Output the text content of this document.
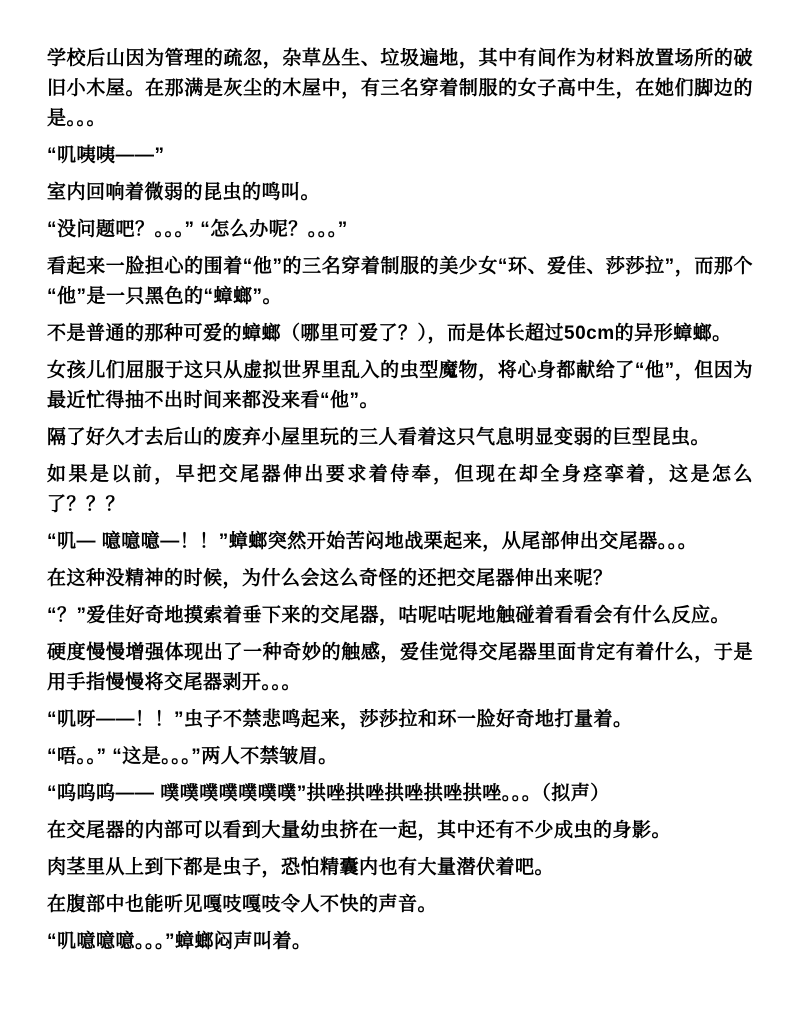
学校后山因为管理的疏忽，杂草丛生、垃圾遍地，其中有间作为材料放置场所的破旧小木屋。在那满是灰尘的木屋中，有三名穿着制服的女子高中生，在她们脚边的是。。。

“叽咦咦——”

室内回响着微弱的昆虫的鸣叫。

“没问题吧？。。。” “怎么办呢？。。。”

看起来一脸担心的围着“他”的三名穿着制服的美少女“环、爱佳、莎莎拉”，而那个“他”是一只黑色的“蟑螂”。

不是普通的那种可爱的蟑螂（哪里可爱了？），而是体长超过50cm的异形蟑螂。

女孩儿们屈服于这只从虚拟世界里乱入的虫型魔物，将心身都献给了“他”，但因为最近忙得抽不出时间来都没来看“他”。

隔了好久才去后山的废弃小屋里玩的三人看着这只气息明显变弱的巨型昆虫。

如果是以前，早把交尾器伸出要求着侍奉，但现在却全身痉挛着，这是怎么了？？？

“叽— 噫噫噫—！！”蟑螂突然开始苦闷地战栗起来，从尾部伸出交尾器。。。

在这种没精神的时候，为什么会这么奇怪的还把交尾器伸出来呢？

“？”爱佳好奇地摸索着垂下来的交尾器，咕呢咕呢地触碰着看看会有什么反应。

硬度慢慢增强体现出了一种奇妙的触感，爱佳觉得交尾器里面肯定有着什么，于是用手指慢慢将交尾器剥开。。。

“叽呀——！！”虫子不禁悲鸣起来，莎莎拉和环一脸好奇地打量着。

“唔。。” “这是。。。”两人不禁皱眉。

“呜呜呜—— 噗噗噗噗噗噗噗”拱唑拱唑拱唑拱唑拱唑。。。（拟声）

在交尾器的内部可以看到大量幼虫挤在一起，其中还有不少成虫的身影。

肉茎里从上到下都是虫子，恐怕精囊内也有大量潜伏着吧。

在腹部中也能听见嘎吱嘎吱令人不快的声音。

“叽噫噫噫。。。”蟑螂闷声叫着。
